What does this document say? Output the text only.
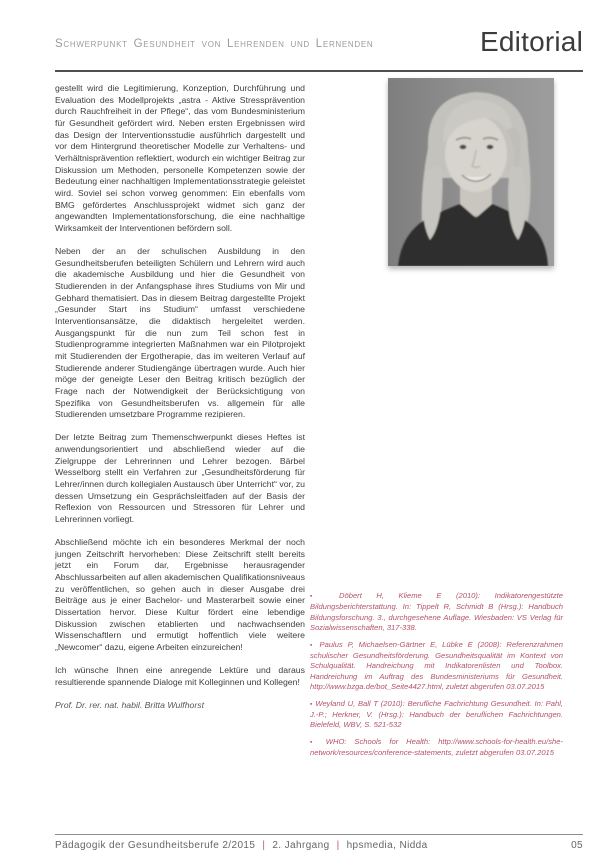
Schwerpunkt Gesundheit von Lehrenden und Lernenden	Editorial

gestellt wird die Legitimierung, Konzeption, Durchführung und Evaluation des Modellprojekts „astra - Aktive Stressprävention durch Rauchfreiheit in der Pflege“, das vom Bundesministerium für Gesundheit gefördert wird. Neben ersten Ergebnissen wird das Design der Interventionsstudie ausführlich dargestellt und vor dem Hintergrund theoretischer Modelle zur Verhaltens- und Verhältnisprävention reflektiert, wodurch ein wichtiger Beitrag zur Diskussion um Methoden, personelle Kompetenzen sowie der Bedeutung einer nachhaltigen Implementationsstrategie geleistet wird. Soviel sei schon vorweg genommen: Ein ebenfalls vom BMG gefördertes Anschlussprojekt widmet sich ganz der angewandten Implementationsforschung, die eine nachhaltige Wirksamkeit der Interventionen befördern soll.

Neben der an der schulischen Ausbildung in den Gesundheitsberufen beteiligten Schülern und Lehrern wird auch die akademische Ausbildung und hier die Gesundheit von Studierenden in der Anfangsphase ihres Studiums von Mir und Gebhard thematisiert. Das in diesem Beitrag dargestellte Projekt „Gesunder Start ins Studium“ umfasst verschiedene Interventionsansätze, die didaktisch hergeleitet werden. Ausgangspunkt für die nun zum Teil schon fest in Studienprogramme integrierten Maßnahmen war ein Pilotprojekt mit Studierenden der Ergotherapie, das im weiteren Verlauf auf Studierende anderer Studiengänge übertragen wurde. Auch hier möge der geneigte Leser den Beitrag kritisch bezüglich der Frage nach der Notwendigkeit der Berücksichtigung von Spezifika von Gesundheitsberufen vs. allgemein für alle Studierenden umsetzbare Programme rezipieren.

Der letzte Beitrag zum Themenschwerpunkt dieses Heftes ist anwendungsorientiert und abschließend wieder auf die Zielgruppe der Lehrerinnen und Lehrer bezogen. Bärbel Wesselborg stellt ein Verfahren zur „Gesundheitsförderung für Lehrer/innen durch kollegialen Austausch über Unterricht“ vor, zu dessen Umsetzung ein Gesprächsleitfaden auf der Basis der Reflexion von Ressourcen und Stressoren für Lehrer und Lehrerinnen vorliegt.

Abschließend möchte ich ein besonderes Merkmal der noch jungen Zeitschrift hervorheben: Diese Zeitschrift stellt bereits jetzt ein Forum dar, Ergebnisse herausragender Abschlussarbeiten auf allen akademischen Qualifikationsniveaus zu veröffentlichen, so gehen auch in dieser Ausgabe drei Beiträge aus je einer Bachelor- und Masterarbeit sowie einer Dissertation hervor. Diese Kultur fördert eine lebendige Diskussion zwischen etablierten und nachwachsenden Wissenschaftlern und ermutigt hoffentlich viele weitere „Newcomer“ dazu, eigene Arbeiten einzureichen!

Ich wünsche Ihnen eine anregende Lektüre und daraus resultierende spannende Dialoge mit Kolleginnen und Kollegen!

Prof. Dr. rer. nat. habil. Britta Wulfhorst

▪ Döbert H, Klieme E (2010): Indikatorengestützte Bildungsberichterstattung. In: Tippelt R, Schmidt B (Hrsg.): Handbuch Bildungsforschung. 3., durchgesehene Auflage. Wiesbaden: VS Verlag für Sozialwissenschaften, 317-338.

▪ Paulus P, Michaelsen-Gärtner E, Lübke E (2008): Referenzrahmen schulischer Gesundheitsförderung. Gesundheitsqualität im Kontext von Schulqualität. Handreichung mit Indikatorenlisten und Toolbox. Handreichung im Auftrag des Bundesministeriums für Gesundheit. http://www.bzga.de/bot_Seite4427.html, zuletzt abgerufen 03.07.2015

▪ Weyland U, Ball T (2010): Berufliche Fachrichtung Gesundheit. In: Pahl, J.-P.; Herkner, V. (Hrsg.): Handbuch der beruflichen Fachrichtungen. Bielefeld, WBV, S. 521-532

▪ WHO: Schools for Health: http://www.schools-for-health.eu/she-network/resources/conference-statements, zuletzt abgerufen 03.07.2015

Pädagogik der Gesundheitsberufe 2/2015 | 2. Jahrgang | hpsmedia, Nidda	05
